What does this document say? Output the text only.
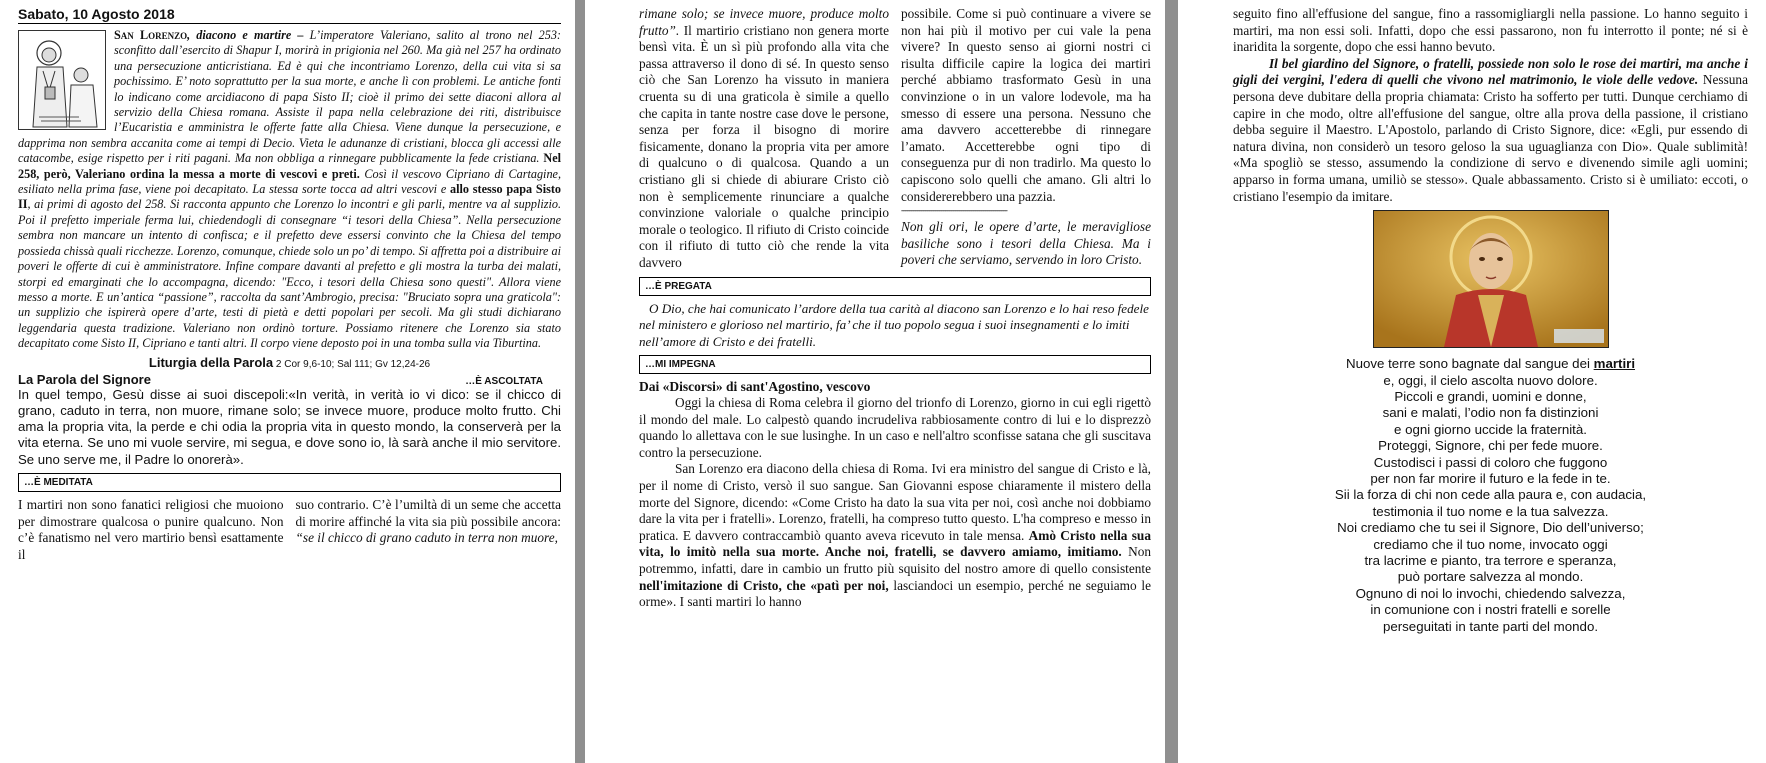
Sabato, 10 Agosto 2018

San Lorenzo, diacono e martire – L’imperatore Valeriano, salito al trono nel 253: sconfitto dall’esercito di Shapur I, morirà in prigionia nel 260. Ma già nel 257 ha ordinato una persecuzione anticristiana. Ed è qui che incontriamo Lorenzo, della cui vita si sa pochissimo. E’ noto soprattutto per la sua morte, e anche lì con problemi. Le antiche fonti lo indicano come arcidiacono di papa Sisto II; cioè il primo dei sette diaconi allora al servizio della Chiesa romana. Assiste il papa nella celebrazione dei riti, distribuisce l’Eucaristia e amministra le offerte fatte alla Chiesa. Viene dunque la persecuzione, e dapprima non sembra accanita come ai tempi di Decio. Vieta le adunanze di cristiani, blocca gli accessi alle catacombe, esige rispetto per i riti pagani. Ma non obbliga a rinnegare pubblicamente la fede cristiana. Nel 258, però, Valeriano ordina la messa a morte di vescovi e preti. Così il vescovo Cipriano di Cartagine, esiliato nella prima fase, viene poi decapitato. La stessa sorte tocca ad altri vescovi e allo stesso papa Sisto II, ai primi di agosto del 258. Si racconta appunto che Lorenzo lo incontri e gli parli, mentre va al supplizio. Poi il prefetto imperiale ferma lui, chiedendogli di consegnare “i tesori della Chiesa”. Nella persecuzione sembra non mancare un intento di confisca; e il prefetto deve essersi convinto che la Chiesa del tempo possieda chissà quali ricchezze. Lorenzo, comunque, chiede solo un po’ di tempo. Si affretta poi a distribuire ai poveri le offerte di cui è amministratore. Infine compare davanti al prefetto e gli mostra la turba dei malati, storpi ed emarginati che lo accompagna, dicendo: "Ecco, i tesori della Chiesa sono questi". Allora viene messo a morte. E un’antica “passione”, raccolta da sant’Ambrogio, precisa: "Bruciato sopra una graticola": un supplizio che ispirerà opere d’arte, testi di pietà e detti popolari per secoli. Ma gli studi dichiarano leggendaria questa tradizione. Valeriano non ordinò torture. Possiamo ritenere che Lorenzo sia stato decapitato come Sisto II, Cipriano e tanti altri. Il corpo viene deposto poi in una tomba sulla via Tiburtina.

Liturgia della Parola 2 Cor 9,6-10; Sal 111; Gv 12,24-26
La Parola del Signore	…È ASCOLTATA

In quel tempo, Gesù disse ai suoi discepoli:«In verità, in verità io vi dico: se il chicco di grano, caduto in terra, non muore, rimane solo; se invece muore, produce molto frutto. Chi ama la propria vita, la perde e chi odia la propria vita in questo mondo, la conserverà per la vita eterna. Se uno mi vuole servire, mi segua, e dove sono io, là sarà anche il mio servitore. Se uno serve me, il Padre lo onorerà».

…È MEDITATA
I martiri non sono fanatici religiosi che muoiono per dimostrare qualcosa o punire qualcuno. Non c’è fanatismo nel vero martirio bensì esattamente il
suo contrario. C’è l’umiltà di un seme che accetta di morire affinché la vita sia più possibile ancora: “se il chicco di grano caduto in terra non muore,
rimane solo; se invece muore, produce molto frutto”. Il martirio cristiano non genera morte bensì vita. È un sì più profondo alla vita che passa attraverso il dono di sé. In questo senso ciò che San Lorenzo ha vissuto in maniera cruenta su di una graticola è simile a quello che capita in tante nostre case dove le persone, senza per forza il bisogno di morire fisicamente, donano la propria vita per amore di qualcuno o di qualcosa. Quando a un cristiano gli si chiede di abiurare Cristo ciò non è semplicemente rinunciare a qualche convinzione valoriale o qualche principio morale o teologico. Il rifiuto di Cristo coincide con il rifiuto di tutto ciò che rende la vita davvero
possibile. Come si può continuare a vivere se non hai più il motivo per cui vale la pena vivere? In questo senso ai giorni nostri ci risulta difficile capire la logica dei martiri perché abbiamo trasformato Gesù in una convinzione o in un valore lodevole, ma ha smesso di essere una persona. Nessuno che ama davvero accetterebbe di rinnegare l’amato. Accetterebbe ogni tipo di conseguenza pur di non tradirlo. Ma questo lo capiscono solo quelli che amano. Gli altri lo considererebbero una pazzia.
-----------------------------------------------------
Non gli ori, le opere d’arte, le meravigliose basiliche sono i tesori della Chiesa. Ma i poveri che serviamo, servendo in loro Cristo.
…È PREGATA

O Dio, che hai comunicato l’ardore della tua carità al diacono san Lorenzo e lo hai reso fedele nel ministero e glorioso nel martirio, fa’ che il tuo popolo segua i suoi insegnamenti e lo imiti nell’amore di Cristo e dei fratelli.

…MI IMPEGNA
Dai «Discorsi» di sant'Agostino, vescovo

Oggi la chiesa di Roma celebra il giorno del trionfo di Lorenzo, giorno in cui egli rigettò il mondo del male. Lo calpestò quando incrudeliva rabbiosamente contro di lui e lo disprezzò quando lo allettava con le sue lusinghe. In un caso e nell'altro sconfisse satana che gli suscitava contro la persecuzione.

San Lorenzo era diacono della chiesa di Roma. Ivi era ministro del sangue di Cristo e là, per il nome di Cristo, versò il suo sangue. San Giovanni espose chiaramente il mistero della morte del Signore, dicendo: «Come Cristo ha dato la sua vita per noi, così anche noi dobbiamo dare la vita per i fratelli». Lorenzo, fratelli, ha compreso tutto questo. L'ha compreso e messo in pratica. E davvero contraccambiò quanto aveva ricevuto in tale mensa. Amò Cristo nella sua vita, lo imitò nella sua morte. Anche noi, fratelli, se davvero amiamo, imitiamo. Non potremmo, infatti, dare in cambio un frutto più squisito del nostro amore di quello consistente nell'imitazione di Cristo, che «patì per noi, lasciandoci un esempio, perché ne seguiamo le orme». I santi martiri lo hanno

seguito fino all'effusione del sangue, fino a rassomigliargli nella passione. Lo hanno seguito i martiri, ma non essi soli. Infatti, dopo che essi passarono, non fu interrotto il ponte; né si è inaridita la sorgente, dopo che essi hanno bevuto.

Il bel giardino del Signore, o fratelli, possiede non solo le rose dei martiri, ma anche i gigli dei vergini, l'edera di quelli che vivono nel matrimonio, le viole delle vedove. Nessuna persona deve dubitare della propria chiamata: Cristo ha sofferto per tutti. Dunque cerchiamo di capire in che modo, oltre all'effusione del sangue, oltre alla prova della passione, il cristiano debba seguire il Maestro. L'Apostolo, parlando di Cristo Signore, dice: «Egli, pur essendo di natura divina, non considerò un tesoro geloso la sua uguaglianza con Dio». Quale sublimità! «Ma spogliò se stesso, assumendo la condizione di servo e divenendo simile agli uomini; apparso in forma umana, umiliò se stesso». Quale abbassamento. Cristo si è umiliato: eccoti, o cristiano l'esempio da imitare.

Nuove terre sono bagnate dal sangue dei martiri
e, oggi, il cielo ascolta nuovo dolore.
Piccoli e grandi, uomini e donne,
sani e malati, l’odio non fa distinzioni
e ogni giorno uccide la fraternità.
Proteggi, Signore, chi per fede muore.
Custodisci i passi di coloro che fuggono
per non far morire il futuro e la fede in te.
Sii la forza di chi non cede alla paura e, con audacia,
testimonia il tuo nome e la tua salvezza.
Noi crediamo che tu sei il Signore, Dio dell’universo;
crediamo che il tuo nome, invocato oggi
tra lacrime e pianto, tra terrore e speranza,
può portare salvezza al mondo.
Ognuno di noi lo invochi, chiedendo salvezza,
in comunione con i nostri fratelli e sorelle
perseguitati in tante parti del mondo.
